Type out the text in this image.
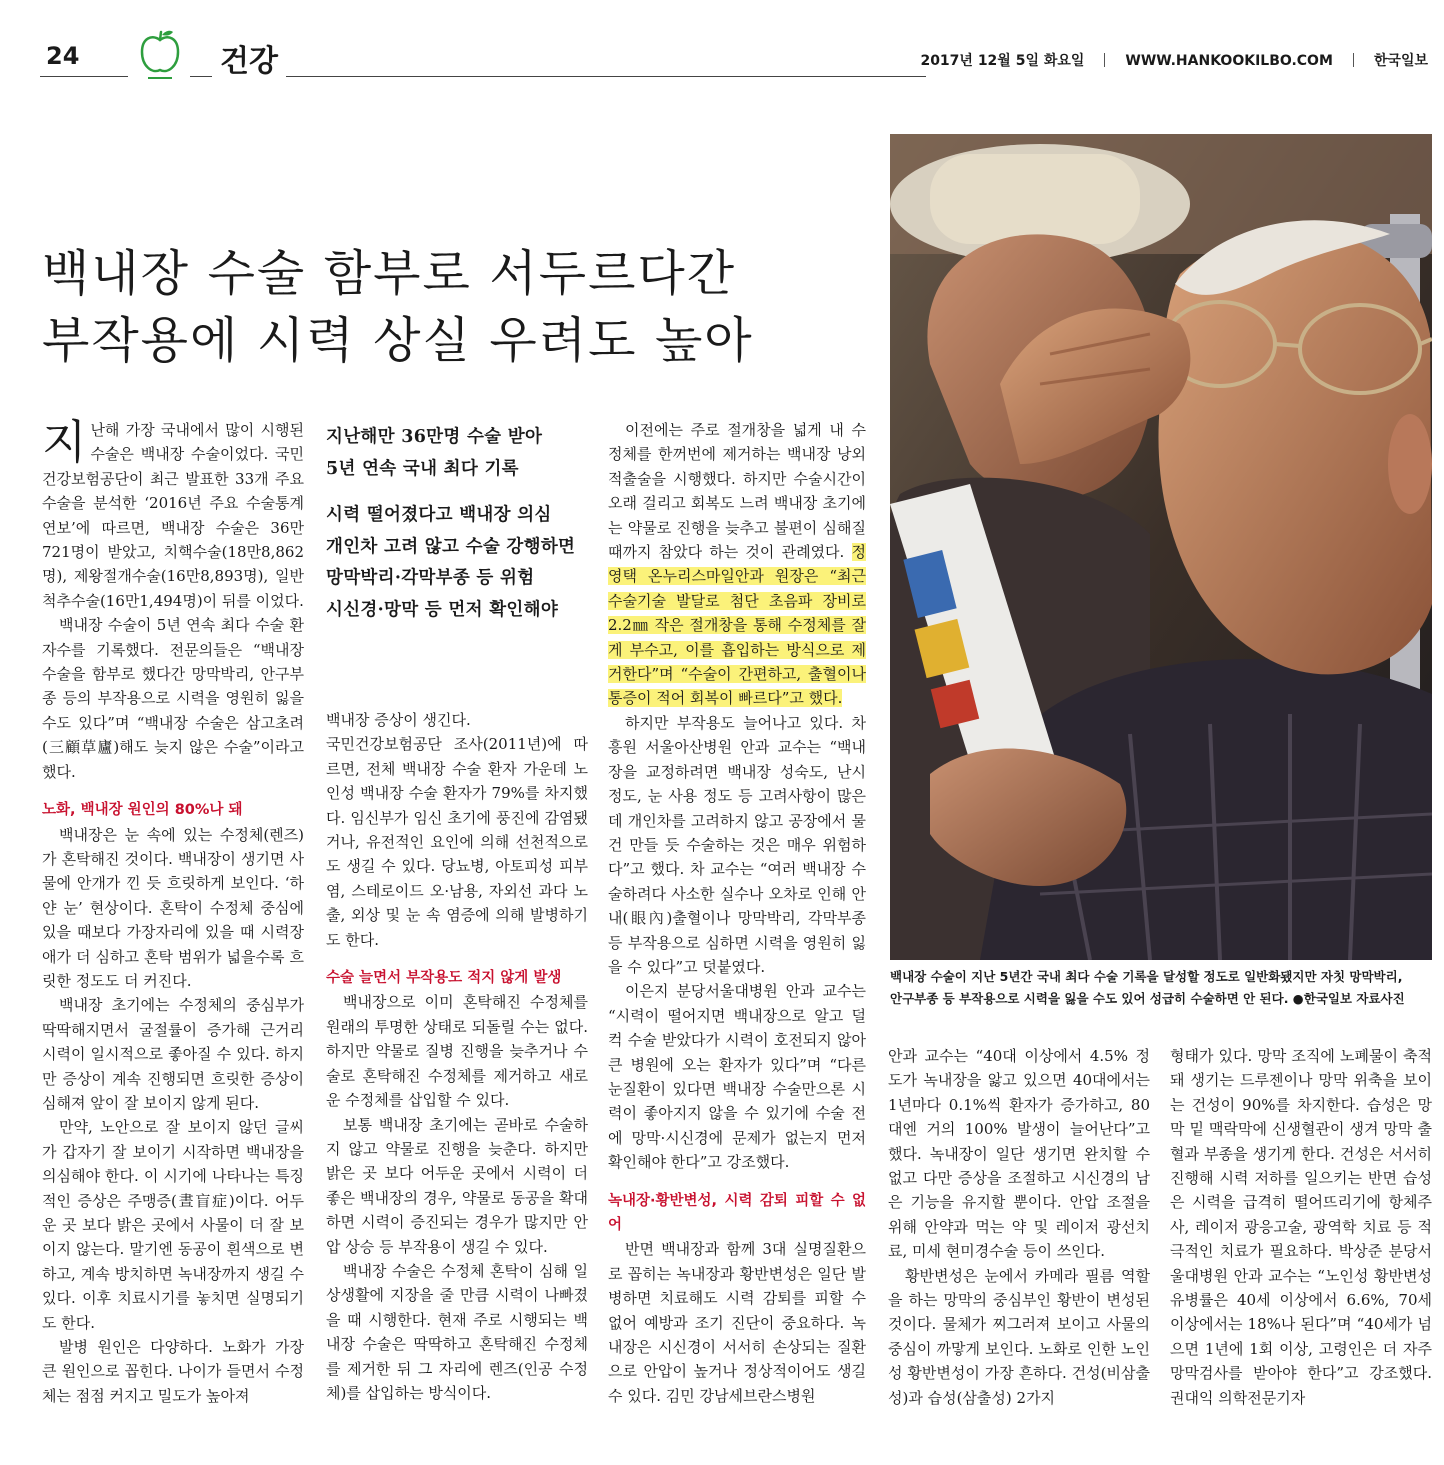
24	건강	2017년 12월 5일 화요일	WWW.HANKOOKILBO.COM	한국일보
백내장 수술 함부로 서두르다간
부작용에 시력 상실 우려도 높아
백내장 수술이 지난 5년간 국내 최다 수술 기록을 달성할 정도로 일반화됐지만 자칫 망막박리,
안구부종 등 부작용으로 시력을 잃을 수도 있어 성급히 수술하면 안 된다. ●한국일보 자료사진
지난해만 36만명 수술 받아
5년 연속 국내 최다 기록
시력 떨어졌다고 백내장 의심
개인차 고려 않고 수술 강행하면
망막박리·각막부종 등 위험
시신경·망막 등 먼저 확인해야

지난해 가장 국내에서 많이 시행된 수술은 백내장 수술이었다. 국민건강보험공단이 최근 발표한 33개 주요 수술을 분석한 ‘2016년 주요 수술통계연보’에 따르면, 백내장 수술은 36만721명이 받았고, 치핵수술(18만8,862명), 제왕절개수술(16만8,893명), 일반척추수술(16만1,494명)이 뒤를 이었다.

백내장 수술이 5년 연속 최다 수술 환자수를 기록했다. 전문의들은 “백내장 수술을 함부로 했다간 망막박리, 안구부종 등의 부작용으로 시력을 영원히 잃을 수도 있다”며 “백내장 수술은 삼고초려(三顧草廬)해도 늦지 않은 수술”이라고 했다.

노화, 백내장 원인의 80%나 돼

백내장은 눈 속에 있는 수정체(렌즈)가 혼탁해진 것이다. 백내장이 생기면 사물에 안개가 낀 듯 흐릿하게 보인다. ‘하얀 눈’ 현상이다. 혼탁이 수정체 중심에 있을 때보다 가장자리에 있을 때 시력장애가 더 심하고 혼탁 범위가 넓을수록 흐릿한 정도도 더 커진다.

백내장 초기에는 수정체의 중심부가 딱딱해지면서 굴절률이 증가해 근거리 시력이 일시적으로 좋아질 수 있다. 하지만 증상이 계속 진행되면 흐릿한 증상이 심해져 앞이 잘 보이지 않게 된다.

만약, 노안으로 잘 보이지 않던 글씨가 갑자기 잘 보이기 시작하면 백내장을 의심해야 한다. 이 시기에 나타나는 특징적인 증상은 주맹증(晝盲症)이다. 어두운 곳 보다 밝은 곳에서 사물이 더 잘 보이지 않는다. 말기엔 동공이 흰색으로 변하고, 계속 방치하면 녹내장까지 생길 수 있다. 이후 치료시기를 놓치면 실명되기도 한다.

발병 원인은 다양하다. 노화가 가장 큰 원인으로 꼽힌다. 나이가 들면서 수정체는 점점 커지고 밀도가 높아져

백내장 증상이 생긴다.

국민건강보험공단 조사(2011년)에 따르면, 전체 백내장 수술 환자 가운데 노인성 백내장 수술 환자가 79%를 차지했다. 임신부가 임신 초기에 풍진에 감염됐거나, 유전적인 요인에 의해 선천적으로도 생길 수 있다. 당뇨병, 아토피성 피부염, 스테로이드 오·남용, 자외선 과다 노출, 외상 및 눈 속 염증에 의해 발병하기도 한다.

수술 늘면서 부작용도 적지 않게 발생

백내장으로 이미 혼탁해진 수정체를 원래의 투명한 상태로 되돌릴 수는 없다. 하지만 약물로 질병 진행을 늦추거나 수술로 혼탁해진 수정체를 제거하고 새로운 수정체를 삽입할 수 있다.

보통 백내장 초기에는 곧바로 수술하지 않고 약물로 진행을 늦춘다. 하지만 밝은 곳 보다 어두운 곳에서 시력이 더 좋은 백내장의 경우, 약물로 동공을 확대하면 시력이 증진되는 경우가 많지만 안압 상승 등 부작용이 생길 수 있다.

백내장 수술은 수정체 혼탁이 심해 일상생활에 지장을 줄 만큼 시력이 나빠졌을 때 시행한다. 현재 주로 시행되는 백내장 수술은 딱딱하고 혼탁해진 수정체를 제거한 뒤 그 자리에 렌즈(인공 수정체)를 삽입하는 방식이다.

이전에는 주로 절개창을 넓게 내 수정체를 한꺼번에 제거하는 백내장 낭외적출술을 시행했다. 하지만 수술시간이 오래 걸리고 회복도 느려 백내장 초기에는 약물로 진행을 늦추고 불편이 심해질 때까지 참았다 하는 것이 관례였다. 정영택 온누리스마일안과 원장은 “최근 수술기술 발달로 첨단 초음파 장비로 2.2㎜ 작은 절개창을 통해 수정체를 잘게 부수고, 이를 흡입하는 방식으로 제거한다”며 “수술이 간편하고, 출혈이나 통증이 적어 회복이 빠르다”고 했다.

하지만 부작용도 늘어나고 있다. 차흥원 서울아산병원 안과 교수는 “백내장을 교정하려면 백내장 성숙도, 난시 정도, 눈 사용 정도 등 고려사항이 많은데 개인차를 고려하지 않고 공장에서 물건 만들 듯 수술하는 것은 매우 위험하다”고 했다. 차 교수는 “여러 백내장 수술하려다 사소한 실수나 오차로 인해 안내(眼內)출혈이나 망막박리, 각막부종 등 부작용으로 심하면 시력을 영원히 잃을 수 있다”고 덧붙였다.

이은지 분당서울대병원 안과 교수는 “시력이 떨어지면 백내장으로 알고 덜컥 수술 받았다가 시력이 호전되지 않아 큰 병원에 오는 환자가 있다”며 “다른 눈질환이 있다면 백내장 수술만으론 시력이 좋아지지 않을 수 있기에 수술 전에 망막·시신경에 문제가 없는지 먼저 확인해야 한다”고 강조했다.

녹내장·황반변성, 시력 감퇴 피할 수 없어

반면 백내장과 함께 3대 실명질환으로 꼽히는 녹내장과 황반변성은 일단 발병하면 치료해도 시력 감퇴를 피할 수 없어 예방과 조기 진단이 중요하다. 녹내장은 시신경이 서서히 손상되는 질환으로 안압이 높거나 정상적이어도 생길 수 있다. 김민 강남세브란스병원

안과 교수는 “40대 이상에서 4.5% 정도가 녹내장을 앓고 있으면 40대에서는 1년마다 0.1%씩 환자가 증가하고, 80대엔 거의 100% 발생이 늘어난다”고 했다. 녹내장이 일단 생기면 완치할 수 없고 다만 증상을 조절하고 시신경의 남은 기능을 유지할 뿐이다. 안압 조절을 위해 안약과 먹는 약 및 레이저 광선치료, 미세 현미경수술 등이 쓰인다.

황반변성은 눈에서 카메라 필름 역할을 하는 망막의 중심부인 황반이 변성된 것이다. 물체가 찌그러져 보이고 사물의 중심이 까맣게 보인다. 노화로 인한 노인성 황반변성이 가장 흔하다. 건성(비삼출성)과 습성(삼출성) 2가지

형태가 있다. 망막 조직에 노폐물이 축적돼 생기는 드루젠이나 망막 위축을 보이는 건성이 90%를 차지한다. 습성은 망막 밑 맥락막에 신생혈관이 생겨 망막 출혈과 부종을 생기게 한다. 건성은 서서히 진행해 시력 저하를 일으키는 반면 습성은 시력을 급격히 떨어뜨리기에 항체주사, 레이저 광응고술, 광역학 치료 등 적극적인 치료가 필요하다. 박상준 분당서울대병원 안과 교수는 “노인성 황반변성 유병률은 40세 이상에서 6.6%, 70세 이상에서는 18%나 된다”며 “40세가 넘으면 1년에 1회 이상, 고령인은 더 자주 망막검사를 받아야 한다”고 강조했다. 권대익 의학전문기자
